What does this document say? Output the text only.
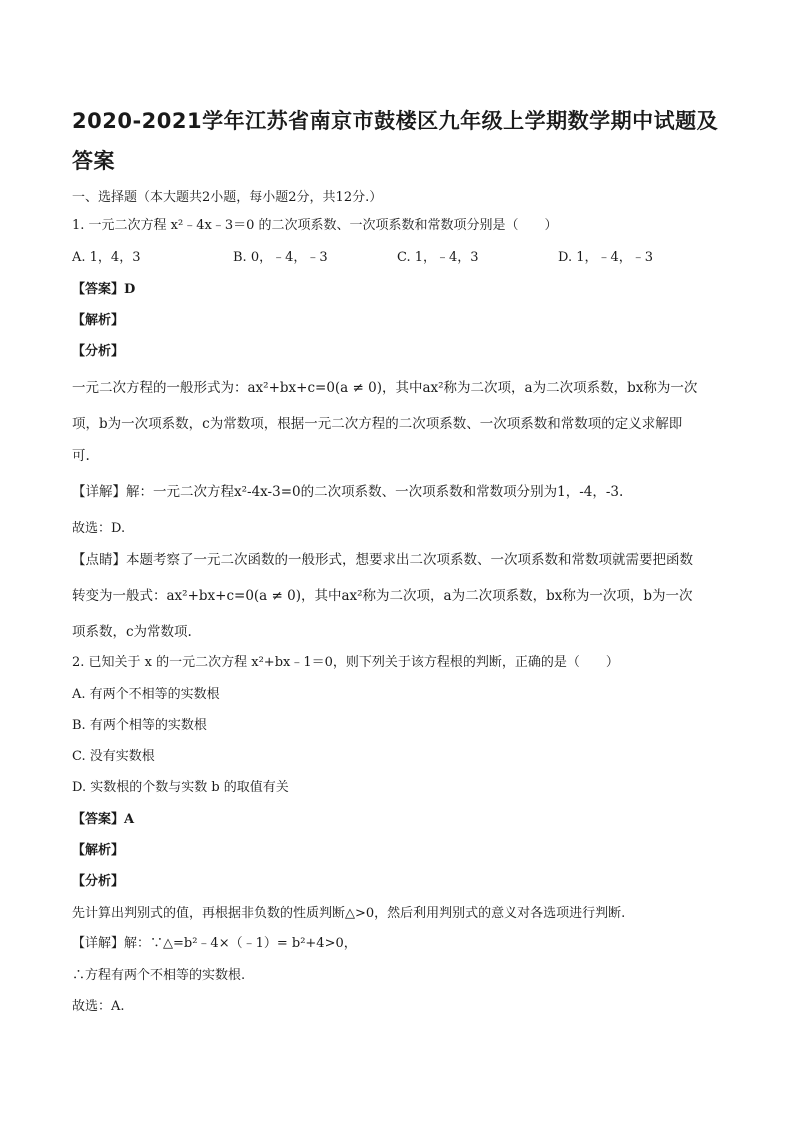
2020-2021学年江苏省南京市鼓楼区九年级上学期数学期中试题及答案
一、选择题（本大题共2小题，每小题2分，共12分.）
1. 一元二次方程 x²﹣4x﹣3＝0 的二次项系数、一次项系数和常数项分别是（　　）
A. 1，4，3	B. 0，﹣4，﹣3	C. 1，﹣4，3	D. 1，﹣4，﹣3
【答案】D
【解析】
【分析】
一元二次方程的一般形式为：ax²+bx+c=0(a ≠ 0)，其中ax²称为二次项，a为二次项系数，bx称为一次
项，b为一次项系数，c为常数项，根据一元二次方程的二次项系数、一次项系数和常数项的定义求解即
可.
【详解】解：一元二次方程x²-4x-3=0的二次项系数、一次项系数和常数项分别为1，-4，-3.
故选：D.
【点睛】本题考察了一元二次函数的一般形式，想要求出二次项系数、一次项系数和常数项就需要把函数
转变为一般式：ax²+bx+c=0(a ≠ 0)，其中ax²称为二次项，a为二次项系数，bx称为一次项，b为一次
项系数，c为常数项.
2. 已知关于 x 的一元二次方程 x²+bx﹣1＝0，则下列关于该方程根的判断，正确的是（　　）
A. 有两个不相等的实数根
B. 有两个相等的实数根
C. 没有实数根
D. 实数根的个数与实数 b 的取值有关
【答案】A
【解析】
【分析】
先计算出判别式的值，再根据非负数的性质判断△>0，然后利用判别式的意义对各选项进行判断.
【详解】解：∵△=b²﹣4×（﹣1）= b²+4>0，
∴方程有两个不相等的实数根.
故选：A.
